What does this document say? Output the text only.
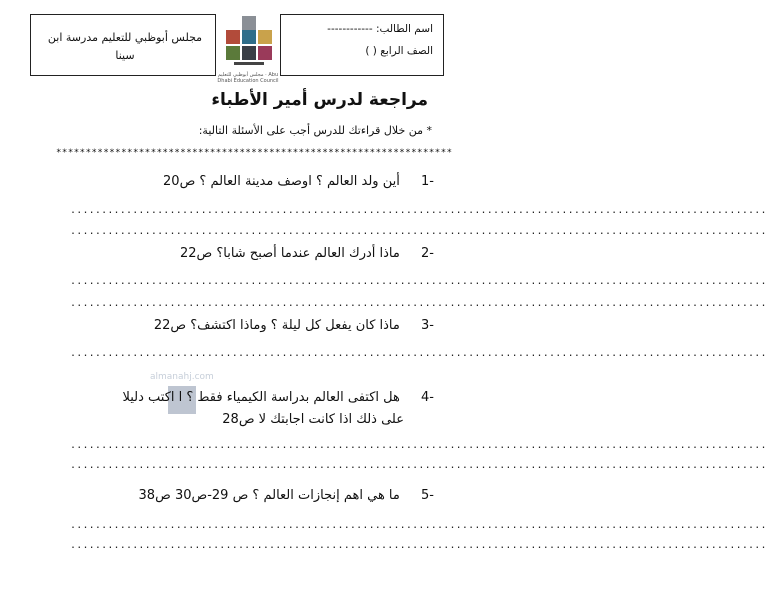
مجلس أبوظبي للتعليم مدرسة ابن
سينا
مجلس أبوظبي للتعليم · Abu Dhabi Education Council
اسم الطالب: ------------
الصف الرابع ( )
مراجعة لدرس أمير الأطباء
* من خلال قراءتك للدرس أجب على الأسئلة التالية:
*******************************************************************
-1 أين ولد العالم ؟ اوصف مدينة العالم ؟ ص20
................................................................................................................
................................................................................................................
-2 ماذا أدرك العالم عندما أصبح شابا؟ ص22
................................................................................................................
................................................................................................................
-3 ماذا كان يفعل كل ليلة ؟ وماذا اكتشف؟ ص22
................................................................................................................
almanahj.com
-4 هل اكتفى العالم بدراسة الكيمياء فقط ؟ ا اكتب دليلا
على ذلك اذا كانت اجابتك لا ص28
................................................................................................................
................................................................................................................
-5 ما هي اهم إنجازات العالم ؟ ص 29-ص30 ص38
................................................................................................................
................................................................................................................
